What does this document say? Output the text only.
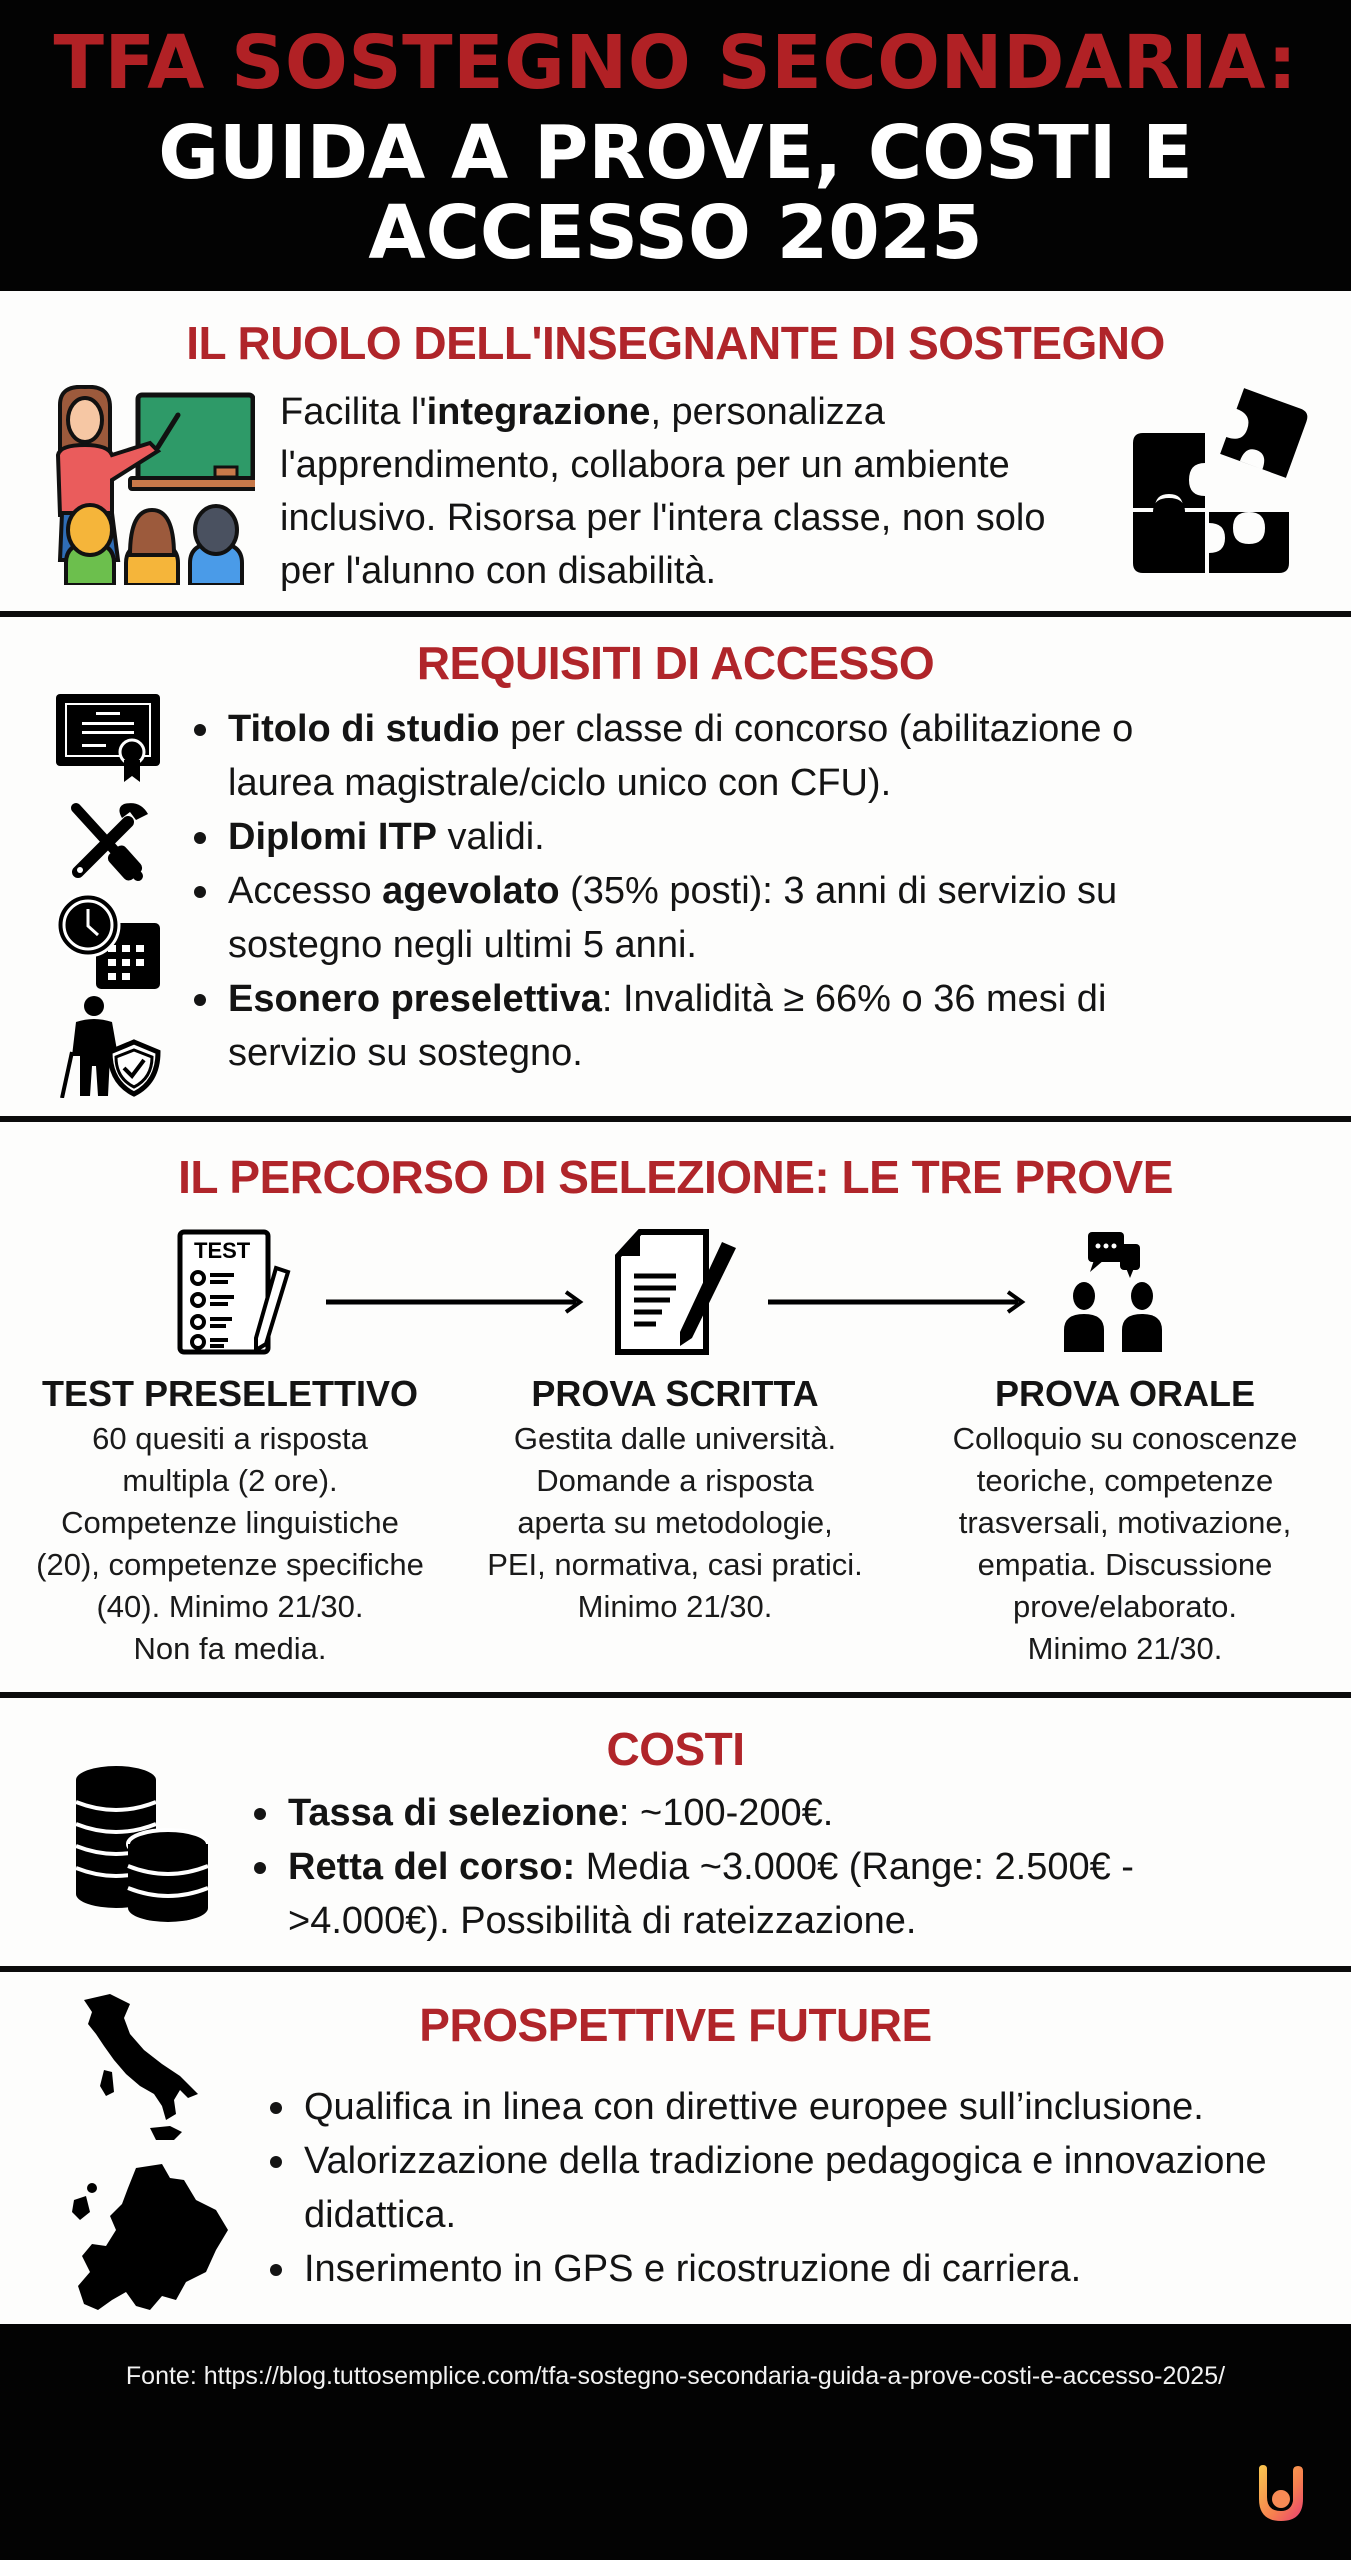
TFA SOSTEGNO SECONDARIA:
GUIDA A PROVE, COSTI E
ACCESSO 2025
IL RUOLO DELL'INSEGNANTE DI SOSTEGNO
Facilita l'integrazione, personalizza l'apprendimento, collabora per un ambiente inclusivo. Risorsa per l'intera classe, non solo per l'alunno con disabilità.
REQUISITI DI ACCESSO
Titolo di studio per classe di concorso (abilitazione o laurea magistrale/ciclo unico con CFU).
Diplomi ITP validi.
Accesso agevolato (35% posti): 3 anni di servizio su sostegno negli ultimi 5 anni.
Esonero preselettiva: Invalidità ≥ 66% o 36 mesi di servizio su sostegno.
IL PERCORSO DI SELEZIONE: LE TRE PROVE
TEST
TEST PRESELETTIVO
60 quesiti a risposta
multipla (2 ore).
Competenze linguistiche
(20), competenze specifiche
(40). Minimo 21/30.
Non fa media.
PROVA SCRITTA
Gestita dalle università.
Domande a risposta
aperta su metodologie,
PEI, normativa, casi pratici.
Minimo 21/30.
PROVA ORALE
Colloquio su conoscenze
teoriche, competenze
trasversali, motivazione,
empatia. Discussione
prove/elaborato.
Minimo 21/30.
COSTI
Tassa di selezione: ~100-200€.
Retta del corso: Media ~3.000€ (Range: 2.500€ - >4.000€). Possibilità di rateizzazione.
PROSPETTIVE FUTURE
Qualifica in linea con direttive europee sull’inclusione.
Valorizzazione della tradizione pedagogica e innovazione didattica.
Inserimento in GPS e ricostruzione di carriera.
Fonte: https://blog.tuttosemplice.com/tfa-sostegno-secondaria-guida-a-prove-costi-e-accesso-2025/
